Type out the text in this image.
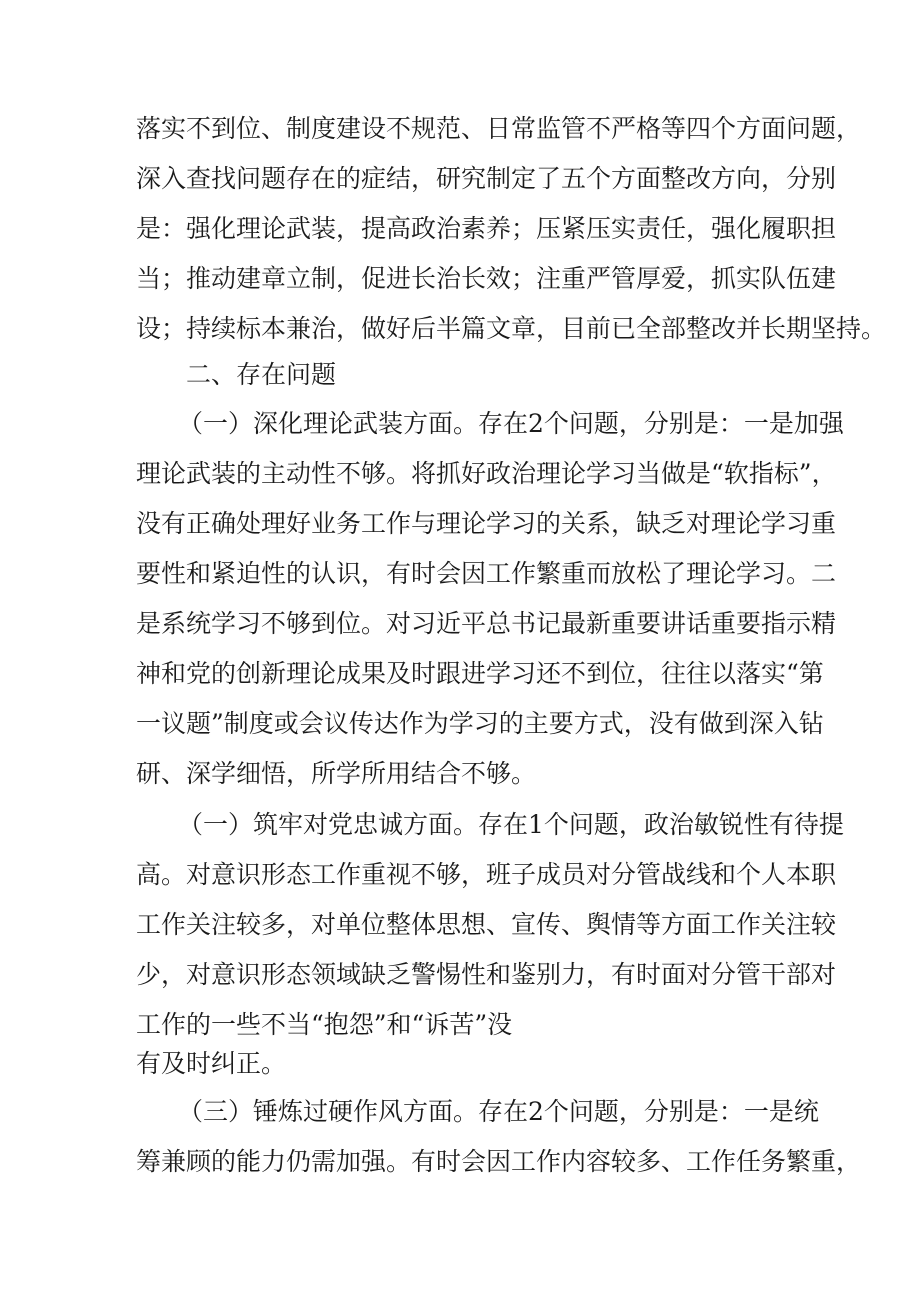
落实不到位、制度建设不规范、日常监管不严格等四个方面问题，
深入查找问题存在的症结，研究制定了五个方面整改方向，分别
是：强化理论武装，提高政治素养；压紧压实责任，强化履职担
当；推动建章立制，促进长治长效；注重严管厚爱，抓实队伍建
设；持续标本兼治，做好后半篇文章，目前已全部整改并长期坚持。
二、存在问题
（一）深化理论武装方面。存在2个问题，分别是：一是加强
理论武装的主动性不够。将抓好政治理论学习当做是“软指标”，
没有正确处理好业务工作与理论学习的关系，缺乏对理论学习重
要性和紧迫性的认识，有时会因工作繁重而放松了理论学习。二
是系统学习不够到位。对习近平总书记最新重要讲话重要指示精
神和党的创新理论成果及时跟进学习还不到位，往往以落实“第
一议题”制度或会议传达作为学习的主要方式，没有做到深入钻
研、深学细悟，所学所用结合不够。
（一）筑牢对党忠诚方面。存在1个问题，政治敏锐性有待提
高。对意识形态工作重视不够，班子成员对分管战线和个人本职
工作关注较多，对单位整体思想、宣传、舆情等方面工作关注较
少，对意识形态领域缺乏警惕性和鉴别力，有时面对分管干部对
工作的一些不当“抱怨”和“诉苦”没
有及时纠正。
（三）锤炼过硬作风方面。存在2个问题，分别是：一是统
筹兼顾的能力仍需加强。有时会因工作内容较多、工作任务繁重，
